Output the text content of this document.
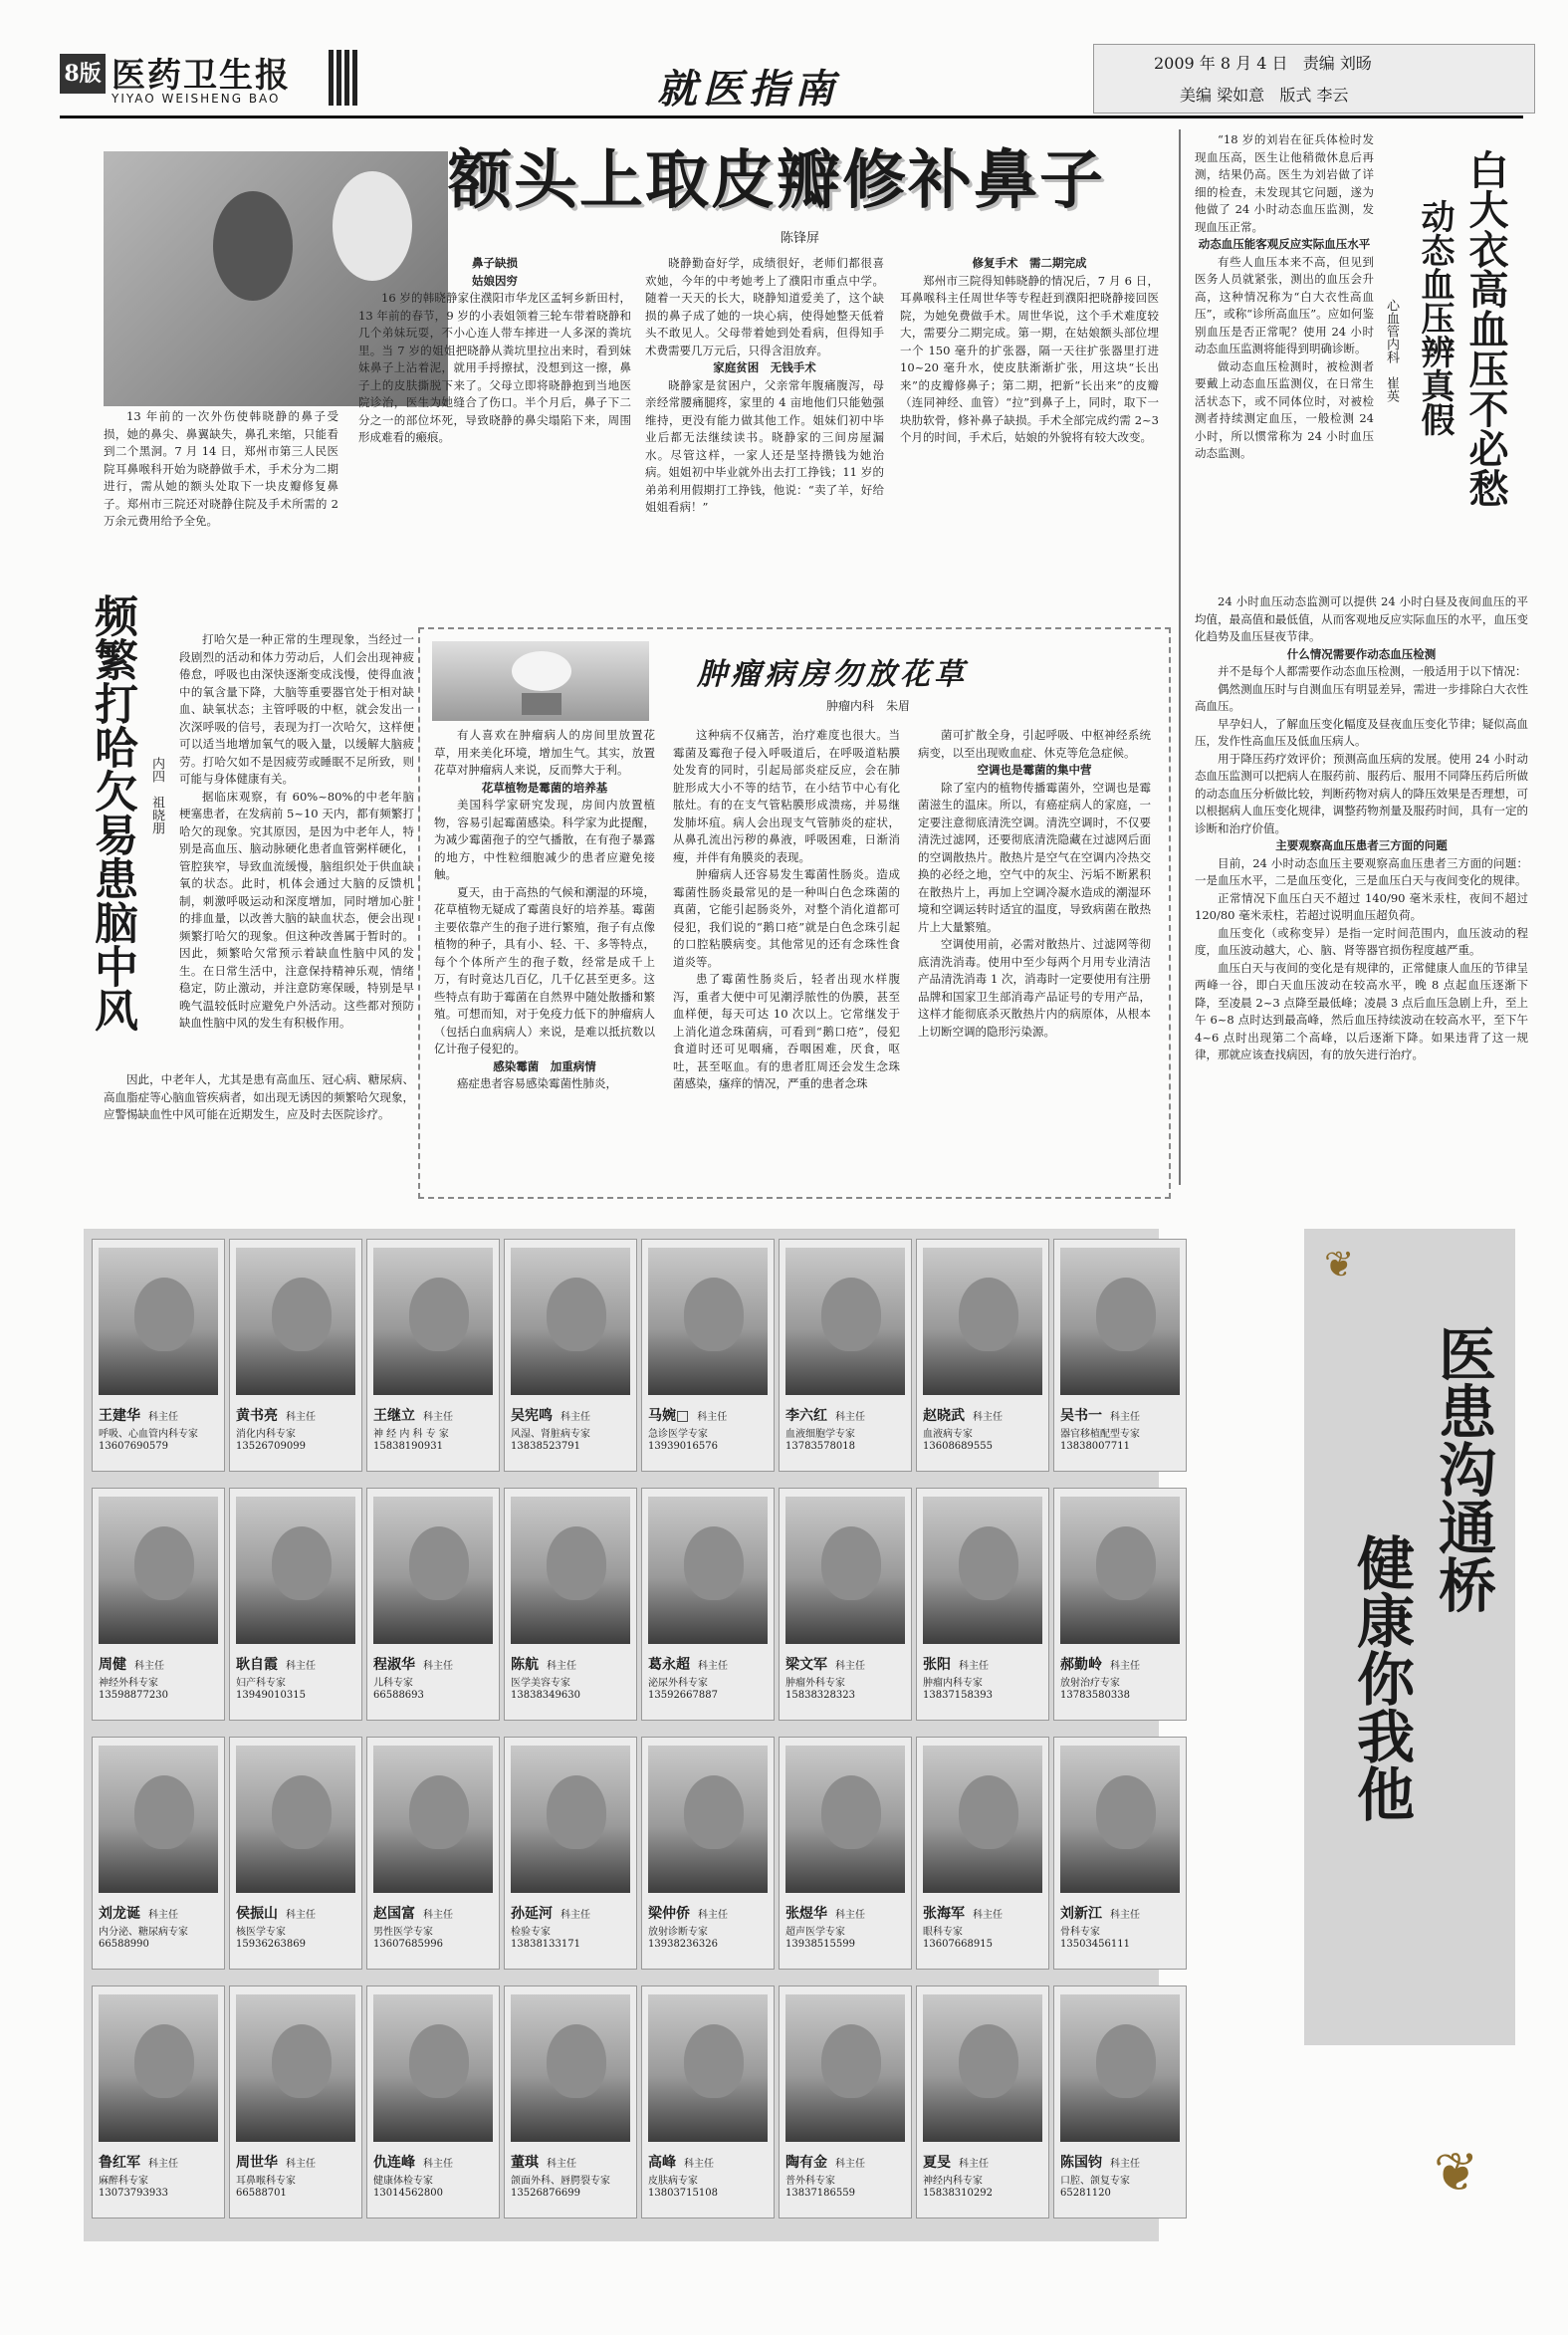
8版 医药卫生报
YIYAO WEISHENG BAO	就医指南
2009 年 8 月 4 日 责编 刘旸
美编 梁如意 版式 李云
额头上取皮瓣修补鼻子
陈锋屏

13 年前的一次外伤使韩晓静的鼻子受损，她的鼻尖、鼻翼缺失，鼻孔来缩，只能看到二个黑洞。7 月 14 日，郑州市第三人民医院耳鼻喉科开始为晓静做手术，手术分为二期进行，需从她的额头处取下一块皮瓣修复鼻子。郑州市三院还对晓静住院及手术所需的 2 万余元费用给予全免。

鼻子缺损
姑娘因穷

16 岁的韩晓静家住濮阳市华龙区孟轲乡新田村，13 年前的春节，9 岁的小表姐领着三轮车带着晓静和几个弟妹玩耍，不小心连人带车摔进一人多深的粪坑里。当 7 岁的姐姐把晓静从粪坑里拉出来时，看到妹妹鼻子上沾着泥，就用手捋擦拭，没想到这一擦，鼻子上的皮肤撕脱下来了。父母立即将晓静抱到当地医院诊治，医生为她缝合了伤口。半个月后，鼻子下二分之一的部位坏死，导致晓静的鼻尖塌陷下来，周围形成难看的瘢痕。

晓静勤奋好学，成绩很好，老师们都很喜欢她，今年的中考她考上了濮阳市重点中学。随着一天天的长大，晓静知道爱美了，这个缺损的鼻子成了她的一块心病，使得她整天低着头不敢见人。父母带着她到处看病，但得知手术费需要几万元后，只得含泪放弃。

家庭贫困　无钱手术

晓静家是贫困户，父亲常年腹痛腹泻，母亲经常腰痛腿疼，家里的 4 亩地他们只能勉强维持，更没有能力做其他工作。姐妹们初中毕业后都无法继续读书。晓静家的三间房屋漏水。尽管这样，一家人还是坚持攒钱为她治病。姐姐初中毕业就外出去打工挣钱；11 岁的弟弟利用假期打工挣钱，他说：“卖了羊，好给姐姐看病！”

修复手术　需二期完成

郑州市三院得知韩晓静的情况后，7 月 6 日，耳鼻喉科主任周世华等专程赶到濮阳把晓静接回医院，为她免费做手术。周世华说，这个手术难度较大，需要分二期完成。第一期，在姑娘额头部位埋一个 150 毫升的扩张器，隔一天往扩张器里打进 10~20 毫升水，使皮肤渐渐扩张，用这块“长出来”的皮瓣修鼻子；第二期，把新“长出来”的皮瓣（连同神经、血管）“拉”到鼻子上，同时，取下一块肋软骨，修补鼻子缺损。手术全部完成约需 2~3 个月的时间，手术后，姑娘的外貌将有较大改变。	白大衣高血压不必愁
动态血压辨真假
心血管内科　崔英

“18 岁的刘岩在征兵体检时发现血压高，医生让他稍微休息后再测，结果仍高。医生为刘岩做了详细的检查，未发现其它问题，遂为他做了 24 小时动态血压监测，发现血压正常。

动态血压能客观反应实际血压水平

有些人血压本来不高，但见到医务人员就紧张，测出的血压会升高，这种情况称为“白大衣性高血压”，或称“诊所高血压”。应如何鉴别血压是否正常呢？使用 24 小时动态血压监测将能得到明确诊断。

做动态血压检测时，被检测者要戴上动态血压监测仪，在日常生活状态下，或不同体位时，对被检测者持续测定血压，一般检测 24 小时，所以惯常称为 24 小时血压动态监测。

24 小时血压动态监测可以提供 24 小时白昼及夜间血压的平均值，最高值和最低值，从而客观地反应实际血压的水平，血压变化趋势及血压昼夜节律。

什么情况需要作动态血压检测

并不是每个人都需要作动态血压检测，一般适用于以下情况：

偶然测血压时与自测血压有明显差异，需进一步排除白大衣性高血压。

早孕妇人，了解血压变化幅度及昼夜血压变化节律；疑似高血压，发作性高血压及低血压病人。

用于降压药疗效评价；预测高血压病的发展。使用 24 小时动态血压监测可以把病人在服药前、服药后、服用不同降压药后所做的动态血压分析做比较，判断药物对病人的降压效果是否理想，可以根据病人血压变化规律，调整药物剂量及服药时间，具有一定的诊断和治疗价值。

主要观察高血压患者三方面的问题

目前，24 小时动态血压主要观察高血压患者三方面的问题：一是血压水平，二是血压变化，三是血压白天与夜间变化的规律。

正常情况下血压白天不超过 140/90 毫米汞柱，夜间不超过 120/80 毫米汞柱，若超过说明血压超负荷。

血压变化（或称变异）是指一定时间范围内，血压波动的程度，血压波动越大，心、脑、肾等器官损伤程度越严重。

血压白天与夜间的变化是有规律的，正常健康人血压的节律呈两峰一谷，即白天血压波动在较高水平，晚 8 点起血压逐渐下降，至凌晨 2~3 点降至最低峰；凌晨 3 点后血压急剧上升，至上午 6~8 点时达到最高峰，然后血压持续波动在较高水平，至下午 4~6 点时出现第二个高峰，以后逐渐下降。如果违背了这一规律，那就应该查找病因，有的放矢进行治疗。

频繁打哈欠易患脑中风 内四　祖晓朋

打哈欠是一种正常的生理现象，当经过一段剧烈的活动和体力劳动后，人们会出现神疲倦怠，呼吸也由深快逐渐变成浅慢，使得血液中的氧含量下降，大脑等重要器官处于相对缺血、缺氧状态；主管呼吸的中枢，就会发出一次深呼吸的信号，表现为打一次哈欠，这样便可以适当地增加氧气的吸入量，以缓解大脑疲劳。打哈欠如不是因疲劳或睡眠不足所致，则可能与身体健康有关。

据临床观察，有 60%~80%的中老年脑梗塞患者，在发病前 5~10 天内，都有频繁打哈欠的现象。究其原因，是因为中老年人，特别是高血压、脑动脉硬化患者血管粥样硬化，管腔狭窄，导致血流缓慢，脑组织处于供血缺氧的状态。此时，机体会通过大脑的反馈机制，刺激呼吸运动和深度增加，同时增加心脏的排血量，以改善大脑的缺血状态，便会出现频繁打哈欠的现象。但这种改善属于暂时的。因此，频繁哈欠常预示着缺血性脑中风的发生。在日常生活中，注意保持精神乐观，情绪稳定，防止激动，并注意防寒保暖，特别是早晚气温较低时应避免户外活动。这些都对预防缺血性脑中风的发生有积极作用。

因此，中老年人，尤其是患有高血压、冠心病、糖尿病、高血脂症等心脑血管疾病者，如出现无诱因的频繁哈欠现象，应警惕缺血性中风可能在近期发生，应及时去医院诊疗。

肿瘤病房勿放花草
肿瘤内科　朱眉

有人喜欢在肿瘤病人的房间里放置花草，用来美化环境，增加生气。其实，放置花草对肿瘤病人来说，反而弊大于利。

花草植物是霉菌的培养基

美国科学家研究发现，房间内放置植物，容易引起霉菌感染。科学家为此提醒，为减少霉菌孢子的空气播散，在有孢子暴露的地方，中性粒细胞减少的患者应避免接触。

夏天，由于高热的气候和潮湿的环境，花草植物无疑成了霉菌良好的培养基。霉菌主要依靠产生的孢子进行繁殖，孢子有点像植物的种子，具有小、轻、干、多等特点，每个个体所产生的孢子数，经常是成千上万，有时竟达几百亿，几千亿甚至更多。这些特点有助于霉菌在自然界中随处散播和繁殖。可想而知，对于免疫力低下的肿瘤病人（包括白血病病人）来说，是难以抵抗数以亿计孢子侵犯的。

感染霉菌　加重病情

癌症患者容易感染霉菌性肺炎，

这种病不仅痛苦，治疗难度也很大。当霉菌及霉孢子侵入呼吸道后，在呼吸道粘膜处发育的同时，引起局部炎症反应，会在肺脏形成大小不等的结节，在小结节中心有化脓灶。有的在支气管粘膜形成溃疡，并易继发肺坏疽。病人会出现支气管肺炎的症状，从鼻孔流出污秽的鼻液，呼吸困难，日渐消瘦，并伴有角膜炎的表现。

肿瘤病人还容易发生霉菌性肠炎。造成霉菌性肠炎最常见的是一种叫白色念珠菌的真菌，它能引起肠炎外，对整个消化道都可侵犯，我们说的“鹅口疮”就是白色念珠引起的口腔粘膜病变。其他常见的还有念珠性食道炎等。

患了霉菌性肠炎后，轻者出现水样腹泻，重者大便中可见潮浮脓性的伪膜，甚至血样便，每天可达 10 次以上。它常继发于上消化道念珠菌病，可看到“鹅口疮”，侵犯食道时还可见咽痛，吞咽困难，厌食，呕吐，甚至呕血。有的患者肛周还会发生念珠菌感染，瘙痒的情况，严重的患者念珠

菌可扩散全身，引起呼吸、中枢神经系统病变，以至出现败血症、休克等危急症候。

空调也是霉菌的集中营

除了室内的植物传播霉菌外，空调也是霉菌滋生的温床。所以，有癌症病人的家庭，一定要注意彻底清洗空调。清洗空调时，不仅要清洗过滤网，还要彻底清洗隐藏在过滤网后面的空调散热片。散热片是空气在空调内冷热交换的必经之地，空气中的灰尘、污垢不断累积在散热片上，再加上空调冷凝水造成的潮湿环境和空调运转时适宜的温度，导致病菌在散热片上大量繁殖。

空调使用前，必需对散热片、过滤网等彻底清洗消毒。使用中至少每两个月用专业清洁产品清洗消毒 1 次，消毒时一定要使用有注册品牌和国家卫生部消毒产品证号的专用产品，这样才能彻底杀灭散热片内的病原体，从根本上切断空调的隐形污染源。

王建华 科主任
呼吸、心血管内科专家
13607690579
黄书亮 科主任
消化内科专家
13526709099
王继立 科主任
神 经 内 科 专 家
15838190931
吴宪鸣 科主任
风湿、肾脏病专家
13838523791
马婉□ 科主任
急诊医学专家
13939016576
李六红 科主任
血液细胞学专家
13783578018
赵晓武 科主任
血液病专家
13608689555
吴书一 科主任
器官移植配型专家
13838007711
周健 科主任
神经外科专家
13598877230
耿自霞 科主任
妇产科专家
13949010315
程淑华 科主任
儿科专家
66588693
陈航 科主任
医学美容专家
13838349630
葛永超 科主任
泌尿外科专家
13592667887
梁文军 科主任
肿瘤外科专家
15838328323
张阳 科主任
肿瘤内科专家
13837158393
郝勤岭 科主任
放射治疗专家
13783580338
刘龙诞 科主任
内分泌、糖尿病专家
66588990
侯振山 科主任
核医学专家
15936263869
赵国富 科主任
男性医学专家
13607685996
孙延河 科主任
检验专家
13838133171
梁仲侨 科主任
放射诊断专家
13938236326
张煜华 科主任
超声医学专家
13938515599
张海军 科主任
眼科专家
13607668915
刘新江 科主任
骨科专家
13503456111
鲁红军 科主任
麻醉科专家
13073793933
周世华 科主任
耳鼻喉科专家
66588701
仇连峰 科主任
健康体检专家
13014562800
董琪 科主任
颌面外科、唇腭裂专家
13526876699
高峰 科主任
皮肤病专家
13803715108
陶有金 科主任
普外科专家
13837186559
夏旻 科主任
神经内科专家
15838310292
陈国钧 科主任
口腔、颌复专家
65281120
❦
❦
医患沟通桥
健康你我他
